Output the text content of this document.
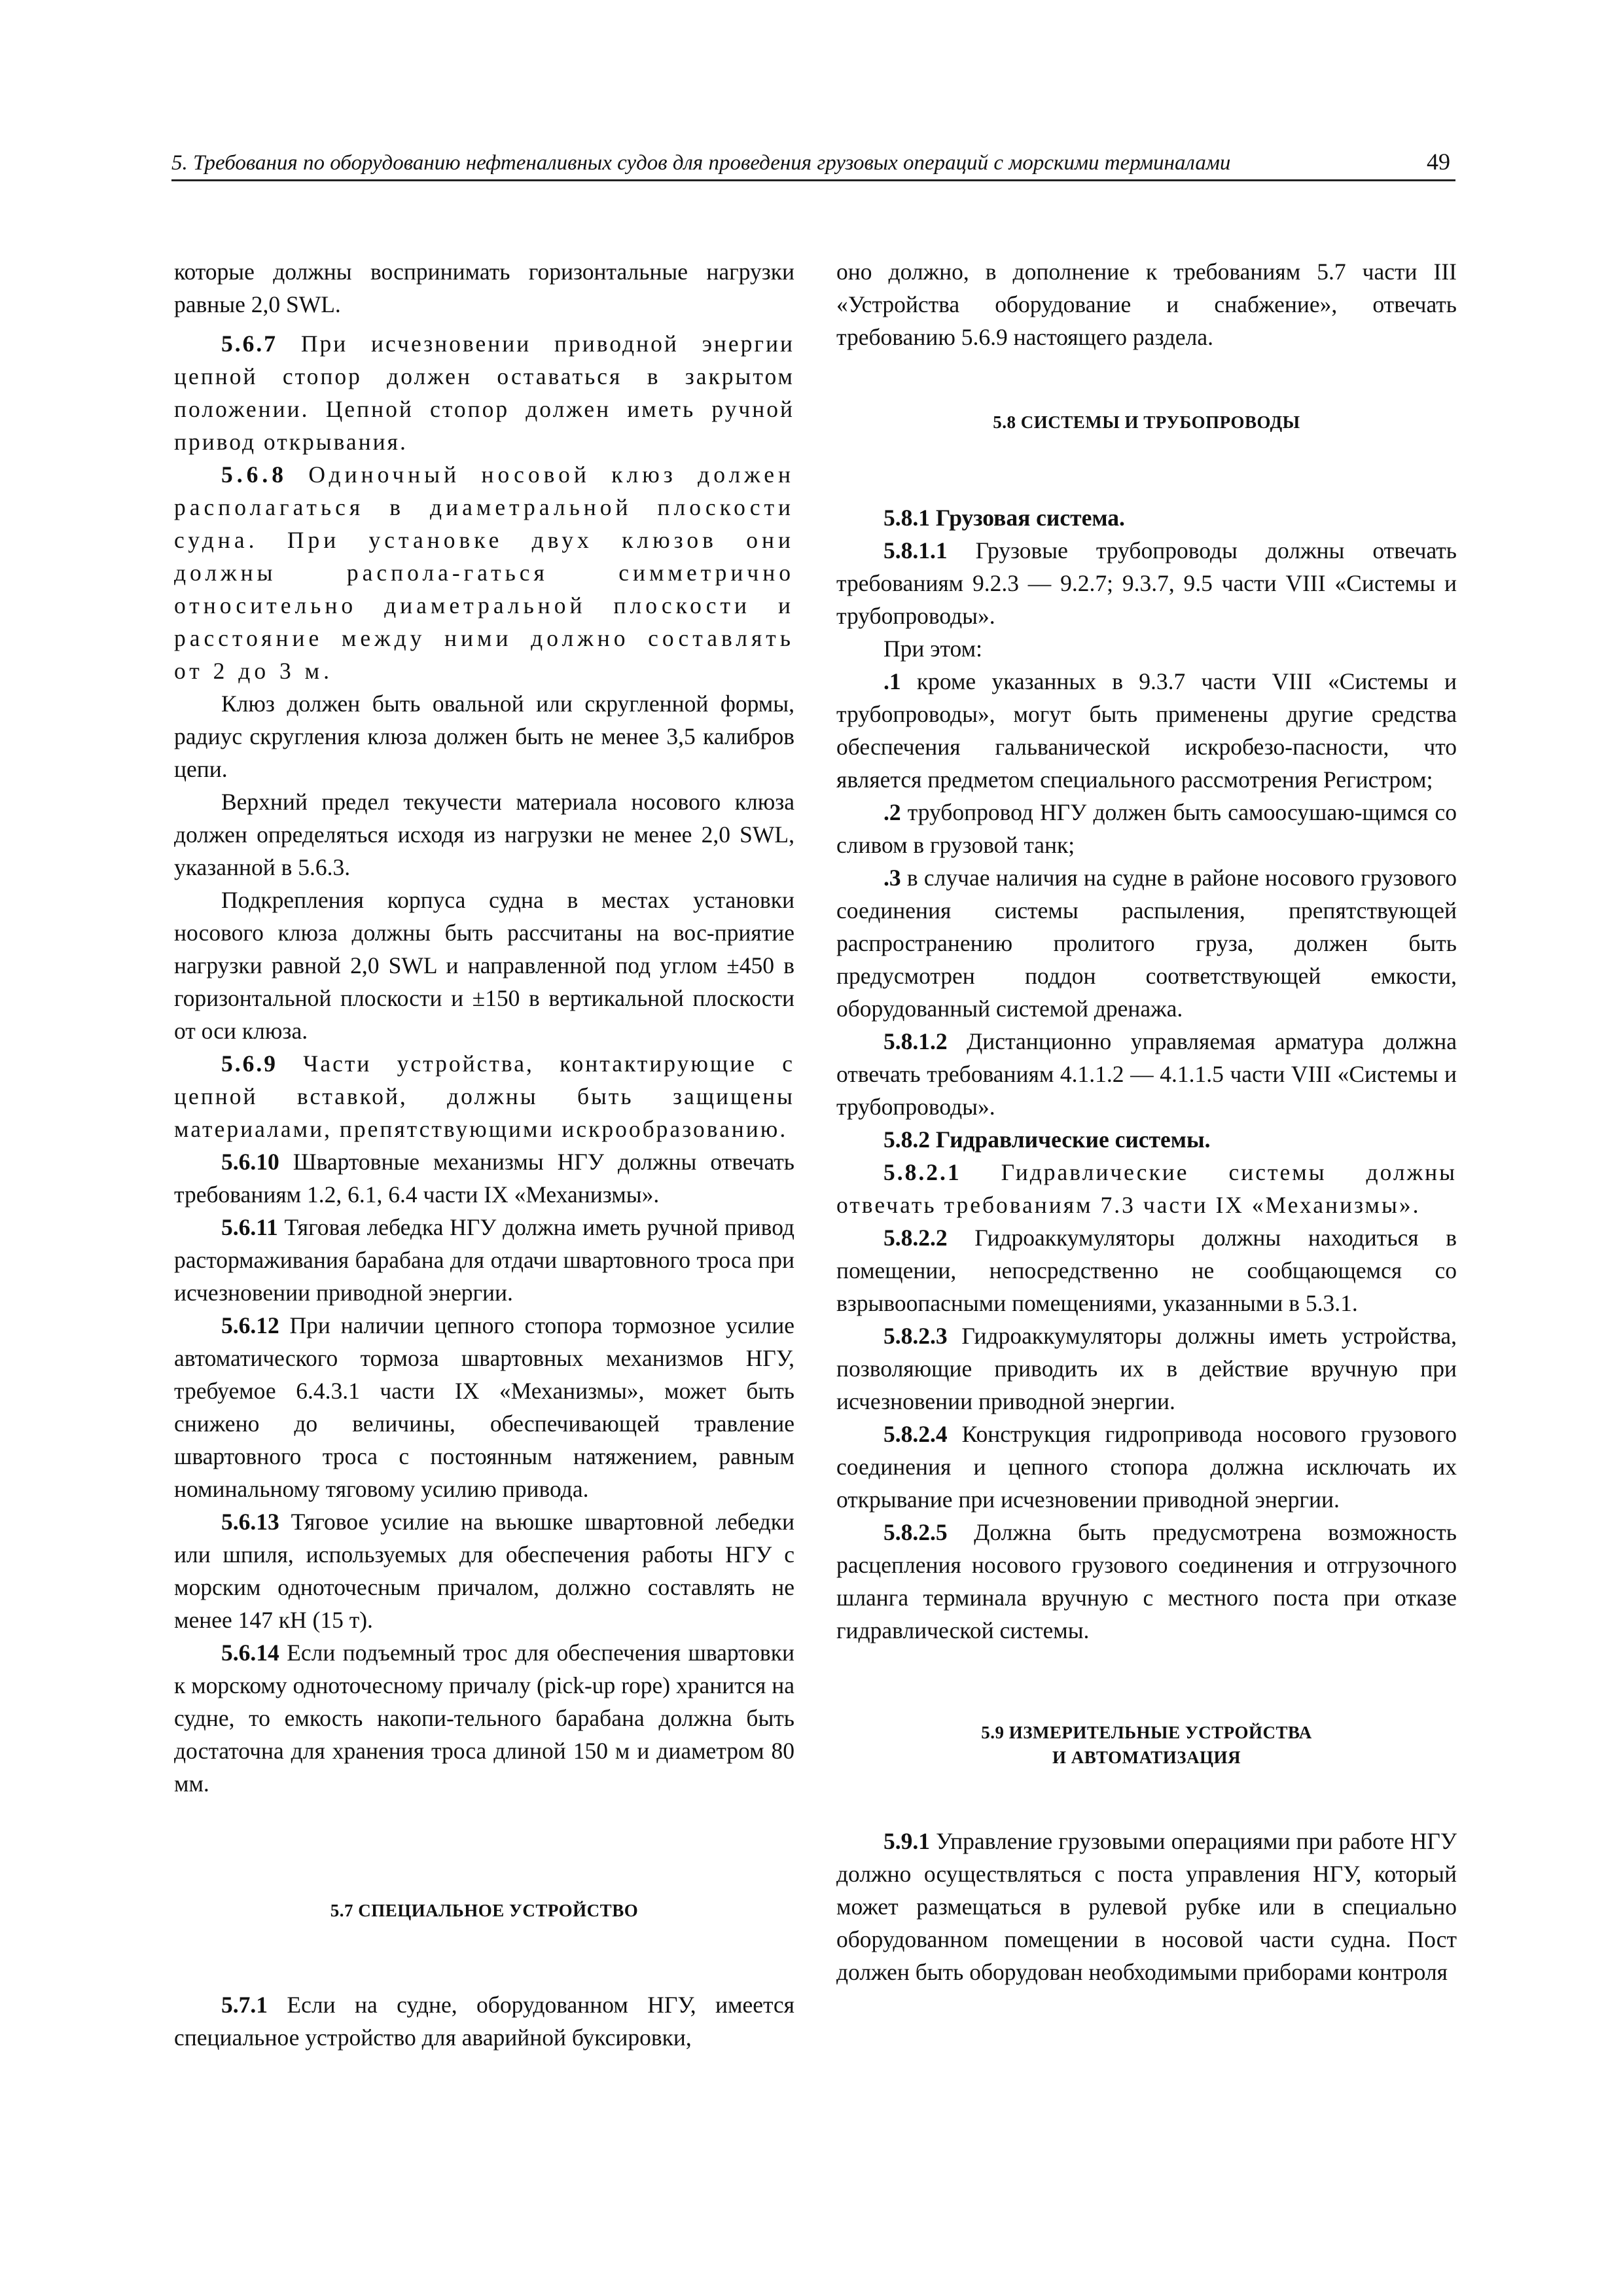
5. Требования по оборудованию нефтеналивных судов для проведения грузовых операций с морскими терминалами	49

которые должны воспринимать горизонтальные нагрузки равные 2,0 SWL.

5.6.7 При исчезновении приводной энергии цепной стопор должен оставаться в закрытом положении. Цепной стопор должен иметь ручной привод открывания.

5.6.8 Одиночный носовой клюз должен располагаться в диаметральной плоскости судна. При установке двух клюзов они должны распола-гаться симметрично относительно диаметральной плоскости и расстояние между ними должно составлять от 2 до 3 м.

Клюз должен быть овальной или скругленной формы, радиус скругления клюза должен быть не менее 3,5 калибров цепи.

Верхний предел текучести материала носового клюза должен определяться исходя из нагрузки не менее 2,0 SWL, указанной в 5.6.3.

Подкрепления корпуса судна в местах установки носового клюза должны быть рассчитаны на вос-приятие нагрузки равной 2,0 SWL и направленной под углом ±450 в горизонтальной плоскости и ±150 в вертикальной плоскости от оси клюза.

5.6.9 Части устройства, контактирующие с цепной вставкой, должны быть защищены материалами, препятствующими искрообразованию.

5.6.10 Швартовные механизмы НГУ должны отвечать требованиям 1.2, 6.1, 6.4 части IX «Механизмы».

5.6.11 Тяговая лебедка НГУ должна иметь ручной привод растормаживания барабана для отдачи швартовного троса при исчезновении приводной энергии.

5.6.12 При наличии цепного стопора тормозное усилие автоматического тормоза швартовных механизмов НГУ, требуемое 6.4.3.1 части IX «Механизмы», может быть снижено до величины, обеспечивающей травление швартовного троса с постоянным натяжением, равным номинальному тяговому усилию привода.

5.6.13 Тяговое усилие на вьюшке швартовной лебедки или шпиля, используемых для обеспечения работы НГУ с морским одноточесным причалом, должно составлять не менее 147 кН (15 т).

5.6.14 Если подъемный трос для обеспечения швартовки к морскому одноточесному причалу (pick-up rope) хранится на судне, то емкость накопи-тельного барабана должна быть достаточна для хранения троса длиной 150 м и диаметром 80 мм.

5.7 СПЕЦИАЛЬНОЕ УСТРОЙСТВО

5.7.1 Если на судне, оборудованном НГУ, имеется специальное устройство для аварийной буксировки,

оно должно, в дополнение к требованиям 5.7 части III «Устройства оборудование и снабжение», отвечать требованию 5.6.9 настоящего раздела.

5.8 СИСТЕМЫ И ТРУБОПРОВОДЫ

5.8.1 Грузовая система.

5.8.1.1 Грузовые трубопроводы должны отвечать требованиям 9.2.3 — 9.2.7; 9.3.7, 9.5 части VIII «Системы и трубопроводы».

При этом:

.1 кроме указанных в 9.3.7 части VIII «Системы и трубопроводы», могут быть применены другие средства обеспечения гальванической искробезо-пасности, что является предметом специального рассмотрения Регистром;

.2 трубопровод НГУ должен быть самоосушаю-щимся со сливом в грузовой танк;

.3 в случае наличия на судне в районе носового грузового соединения системы распыления, препятствующей распространению пролитого груза, должен быть предусмотрен поддон соответствующей емкости, оборудованный системой дренажа.

5.8.1.2 Дистанционно управляемая арматура должна отвечать требованиям 4.1.1.2 — 4.1.1.5 части VIII «Системы и трубопроводы».

5.8.2 Гидравлические системы.

5.8.2.1 Гидравлические системы должны отвечать требованиям 7.3 части IX «Механизмы».

5.8.2.2 Гидроаккумуляторы должны находиться в помещении, непосредственно не сообщающемся со взрывоопасными помещениями, указанными в 5.3.1.

5.8.2.3 Гидроаккумуляторы должны иметь устройства, позволяющие приводить их в действие вручную при исчезновении приводной энергии.

5.8.2.4 Конструкция гидропривода носового грузового соединения и цепного стопора должна исключать их открывание при исчезновении приводной энергии.

5.8.2.5 Должна быть предусмотрена возможность расцепления носового грузового соединения и отгрузочного шланга терминала вручную с местного поста при отказе гидравлической системы.

5.9 ИЗМЕРИТЕЛЬНЫЕ УСТРОЙСТВА
И АВТОМАТИЗАЦИЯ

5.9.1 Управление грузовыми операциями при работе НГУ должно осуществляться с поста управления НГУ, который может размещаться в рулевой рубке или в специально оборудованном помещении в носовой части судна. Пост должен быть оборудован необходимыми приборами контроля
